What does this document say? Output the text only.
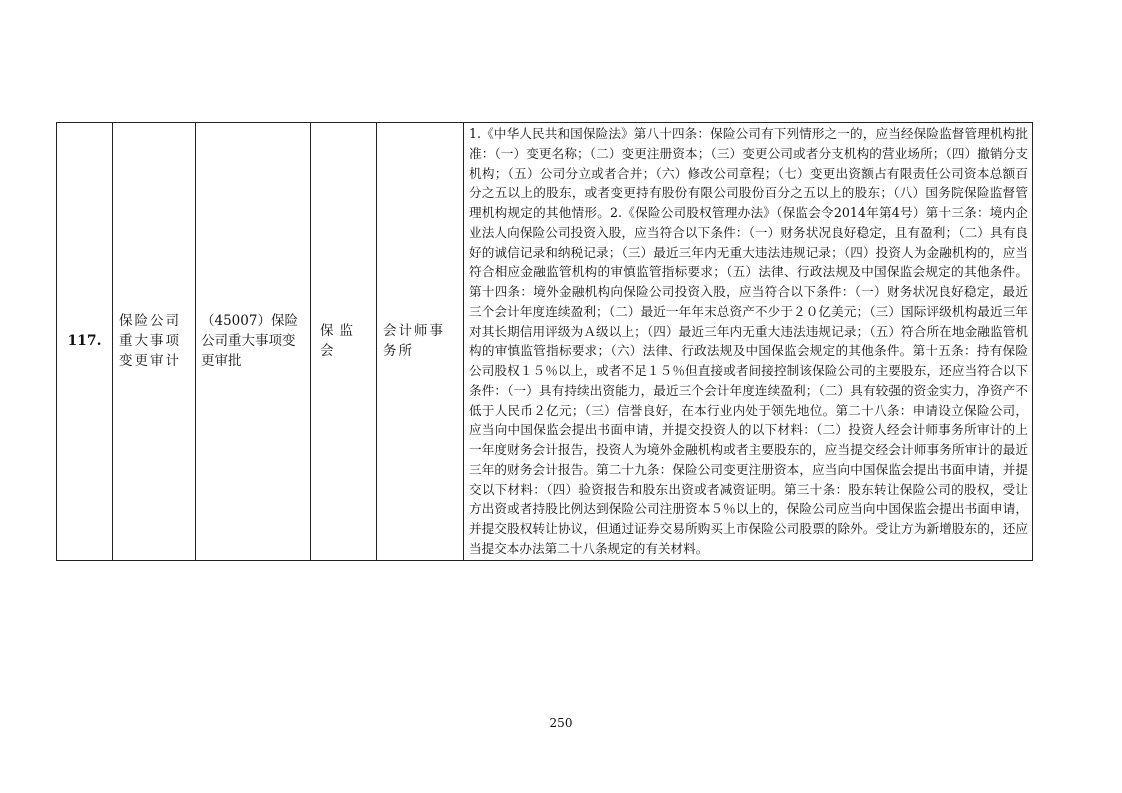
117.	保险公司重大事项变更审计	（45007）保险公司重大事项变更审批	保监会	会计师事务所	1.《中华人民共和国保险法》第八十四条：保险公司有下列情形之一的，应当经保险监督管理机构批准：（一）变更名称；（二）变更注册资本；（三）变更公司或者分支机构的营业场所；（四）撤销分支机构；（五）公司分立或者合并；（六）修改公司章程；（七）变更出资额占有限责任公司资本总额百分之五以上的股东，或者变更持有股份有限公司股份百分之五以上的股东；（八）国务院保险监督管理机构规定的其他情形。2.《保险公司股权管理办法》（保监会令2014年第4号）第十三条：境内企业法人向保险公司投资入股，应当符合以下条件：（一）财务状况良好稳定，且有盈利；（二）具有良好的诚信记录和纳税记录；（三）最近三年内无重大违法违规记录；（四）投资人为金融机构的，应当符合相应金融监管机构的审慎监管指标要求；（五）法律、行政法规及中国保监会规定的其他条件。第十四条：境外金融机构向保险公司投资入股，应当符合以下条件：（一）财务状况良好稳定，最近三个会计年度连续盈利；（二）最近一年年末总资产不少于２０亿美元；（三）国际评级机构最近三年对其长期信用评级为Ａ级以上；（四）最近三年内无重大违法违规记录；（五）符合所在地金融监管机构的审慎监管指标要求；（六）法律、行政法规及中国保监会规定的其他条件。第十五条：持有保险公司股权１５％以上，或者不足１５％但直接或者间接控制该保险公司的主要股东，还应当符合以下条件：（一）具有持续出资能力，最近三个会计年度连续盈利；（二）具有较强的资金实力，净资产不低于人民币２亿元；（三）信誉良好，在本行业内处于领先地位。第二十八条：申请设立保险公司，应当向中国保监会提出书面申请，并提交投资人的以下材料：（二）投资人经会计师事务所审计的上一年度财务会计报告，投资人为境外金融机构或者主要股东的，应当提交经会计师事务所审计的最近三年的财务会计报告。第二十九条：保险公司变更注册资本，应当向中国保监会提出书面申请，并提交以下材料：（四）验资报告和股东出资或者减资证明。第三十条：股东转让保险公司的股权，受让方出资或者持股比例达到保险公司注册资本５％以上的，保险公司应当向中国保监会提出书面申请，并提交股权转让协议，但通过证券交易所购买上市保险公司股票的除外。受让方为新增股东的，还应当提交本办法第二十八条规定的有关材料。
250
